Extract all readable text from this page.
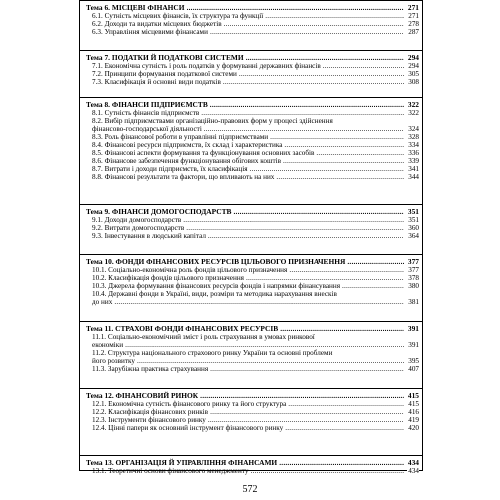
Тема 6. МІСЦЕВІ ФІНАНСИ .....	271
6.1. Сутність місцевих фінансів, їх структура та функції .....	271
6.2. Доходи та видатки місцевих бюджетів .....	278
6.3. Управління місцевими фінансами .....	287
Тема 7. ПОДАТКИ Й ПОДАТКОВІ СИСТЕМИ .....	294
7.1. Економічна сутність і роль податків у формуванні державних фінансів .....	294
7.2. Принципи формування податкової системи .....	305
7.3. Класифікація й основні види податків .....	308
Тема 8. ФІНАНСИ ПІДПРИЄМСТВ .....	322
8.1. Сутність фінансів підприємств .....	322
8.2. Вибір підприємствами організаційно-правових форм у процесі здійснення
фінансово-господарської діяльності .....	324
8.3. Роль фінансової роботи в управлінні підприємствами .....	328
8.4. Фінансові ресурси підприємств, їх склад і характеристика .....	334
8.5. Фінансові аспекти формування та функціонування основних засобів .....	336
8.6. Фінансове забезпечення функціонування обігових коштів .....	339
8.7. Витрати і доходи підприємств, їх класифікація .....	341
8.8. Фінансові результати та фактори, що впливають на них .....	344
Тема 9. ФІНАНСИ ДОМОГОСПОДАРСТВ .....	351
9.1. Доходи домогосподарств .....	351
9.2. Витрати домогосподарств .....	360
9.3. Інвестування в людський капітал .....	364
Тема 10. ФОНДИ ФІНАНСОВИХ РЕСУРСІВ ЦІЛЬОВОГО ПРИЗНАЧЕННЯ .....	377
10.1. Соціально-економічна роль фондів цільового призначення .....	377
10.2. Класифікація фондів цільового призначення .....	378
10.3. Джерела формування фінансових ресурсів фондів і напрямки фінансування .....	380
10.4. Державні фонди в Україні, види, розміри та методика нарахування внесків
до них .....	381
Тема 11. СТРАХОВІ ФОНДИ ФІНАНСОВИХ РЕСУРСІВ .....	391
11.1. Соціально-економічний зміст і роль страхування в умовах ринкової
економіки .....	391
11.2. Структура національного страхового ринку України та основні проблеми
його розвитку .....	395
11.3. Зарубіжна практика страхування .....	407
Тема 12. ФІНАНСОВИЙ РИНОК .....	415
12.1. Економічна сутність фінансового ринку та його структура .....	415
12.2. Класифікація фінансових ринків .....	416
12.3. Інструменти фінансового ринку .....	419
12.4. Цінні папери як основний інструмент фінансового ринку .....	420
Тема 13. ОРГАНІЗАЦІЯ Й УПРАВЛІННЯ ФІНАНСАМИ .....	434
13.1. Теоретичні основи фінансового менеджменту .....	434
572
